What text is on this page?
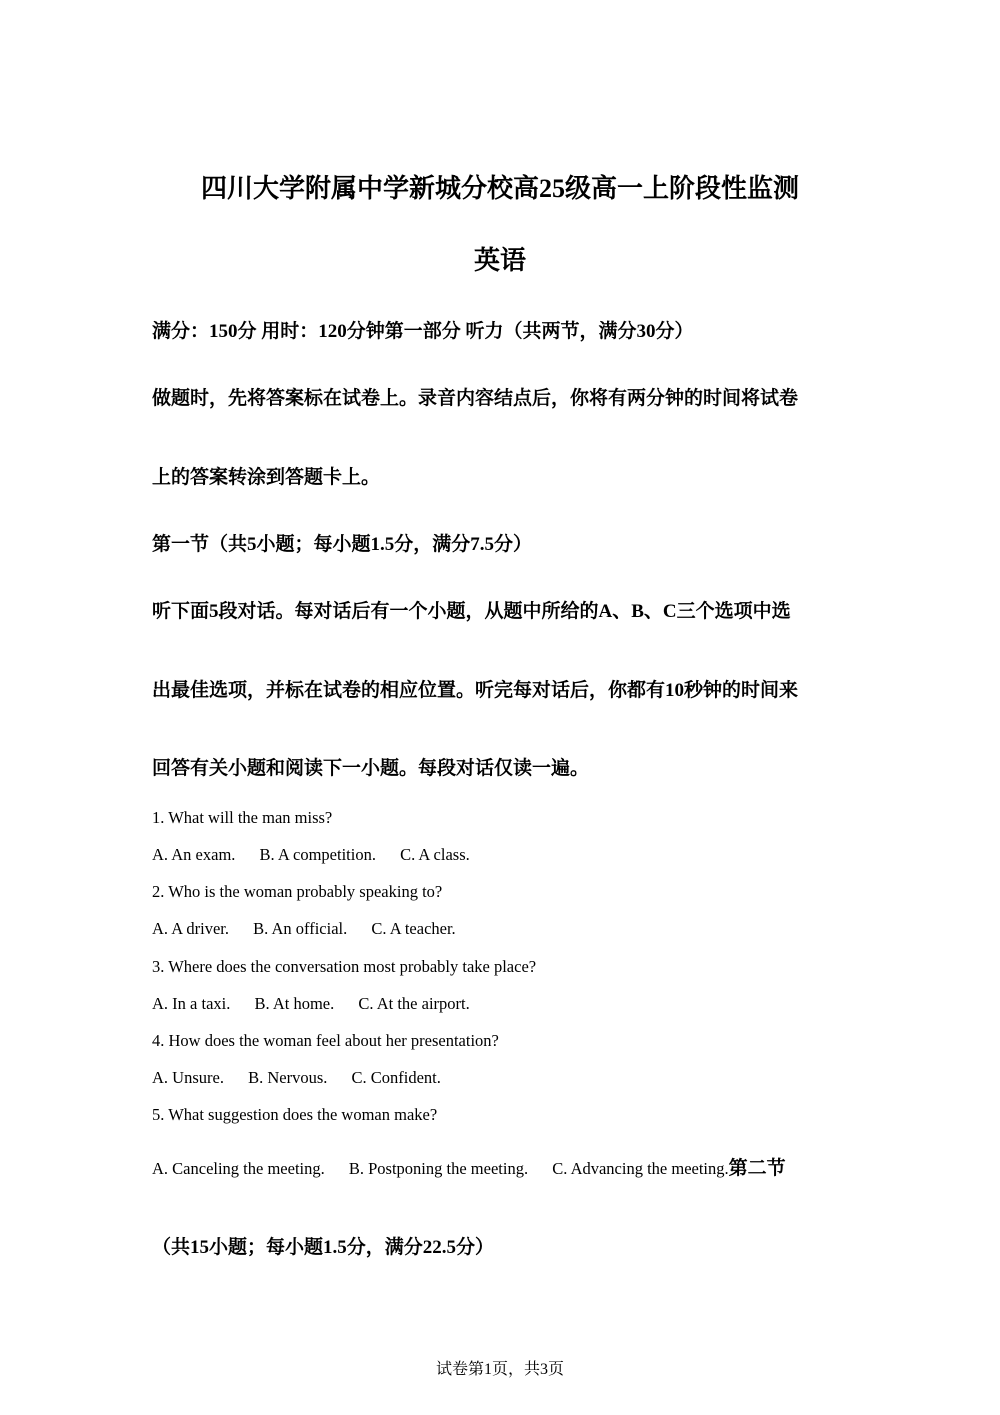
四川大学附属中学新城分校高25级高一上阶段性监测
英语
满分：150分 用时：120分钟第一部分 听力（共两节，满分30分）
做题时，先将答案标在试卷上。录音内容结点后，你将有两分钟的时间将试卷
上的答案转涂到答题卡上。
第一节（共5小题；每小题1.5分，满分7.5分）
听下面5段对话。每对话后有一个小题，从题中所给的A、B、C三个选项中选
出最佳选项，并标在试卷的相应位置。听完每对话后，你都有10秒钟的时间来
回答有关小题和阅读下一小题。每段对话仅读一遍。
1. What will the man miss?
A. An exam. B. A competition. C. A class.
2. Who is the woman probably speaking to?
A. A driver. B. An official. C. A teacher.
3. Where does the conversation most probably take place?
A. In a taxi. B. At home. C. At the airport.
4. How does the woman feel about her presentation?
A. Unsure. B. Nervous. C. Confident.
5. What suggestion does the woman make?
A. Canceling the meeting. B. Postponing the meeting. C. Advancing the meeting.第二节
（共15小题；每小题1.5分，满分22.5分）
试卷第1页，共3页
